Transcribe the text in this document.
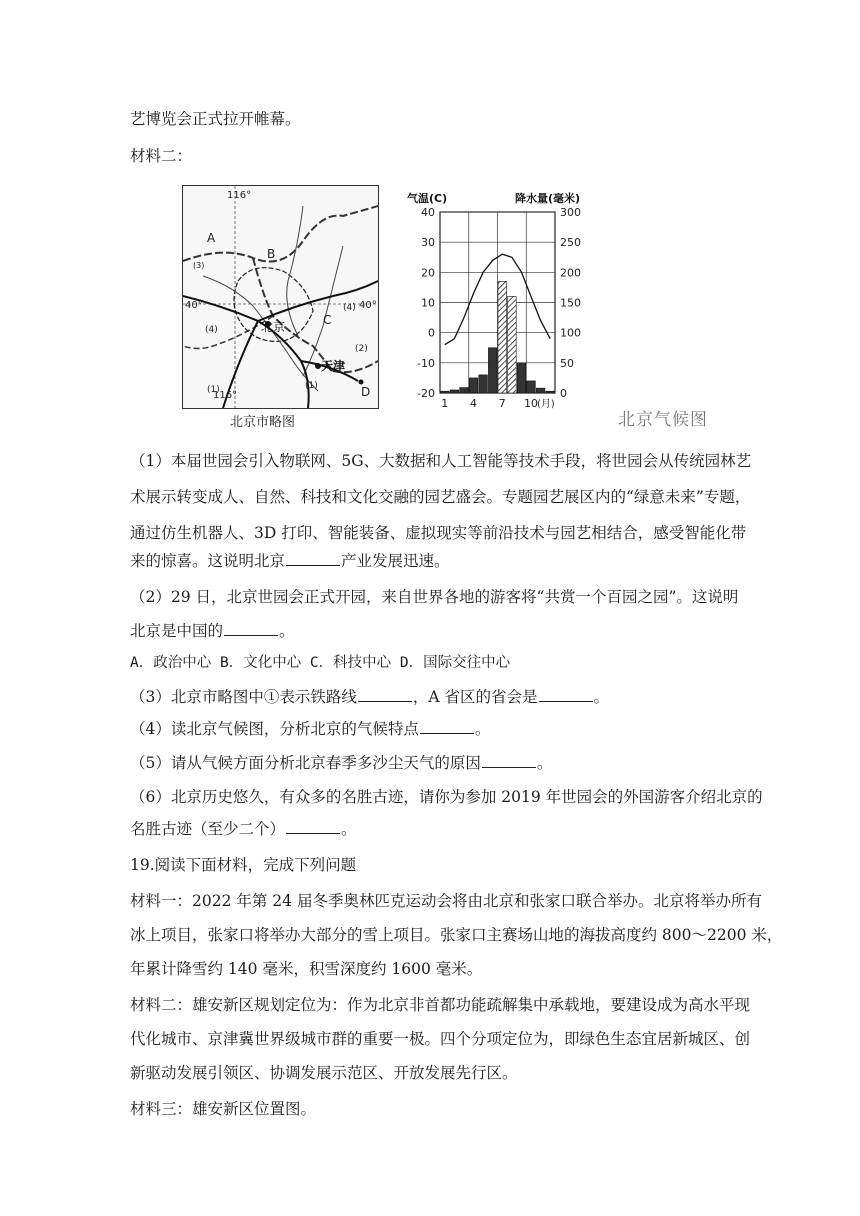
艺博览会正式拉开帷幕。
材料二：
116°
116°
40°	40°
A
B
C
D
北京
天津
(3)
(4)
(4)
(2)
(1)
(1)
北京市略图
-20
-10
0
10
20
30
40
0
50
100
150
200
250
300
1 4 7 10
(月)
气温(C)	降水量(毫米)
北京气候图
（1）本届世园会引入物联网、5G、大数据和人工智能等技术手段，将世园会从传统园林艺
术展示转变成人、自然、科技和文化交融的园艺盛会。专题园艺展区内的“绿意未来”专题，
通过仿生机器人、3D 打印、智能装备、虚拟现实等前沿技术与园艺相结合，感受智能化带
来的惊喜。这说明北京	产业发展迅速。
（2）29 日，北京世园会正式开园，来自世界各地的游客将“共赏一个百园之园”。这说明
北京是中国的	。
A．政治中心 B．文化中心 C．科技中心 D．国际交往中心
（3）北京市略图中①表示铁路线	，A 省区的省会是	。
（4）读北京气候图，分析北京的气候特点	。
（5）请从气候方面分析北京春季多沙尘天气的原因	。
（6）北京历史悠久，有众多的名胜古迹，请你为参加 2019 年世园会的外国游客介绍北京的
名胜古迹（至少二个）	。
19.阅读下面材料，完成下列问题
材料一：2022 年第 24 届冬季奥林匹克运动会将由北京和张家口联合举办。北京将举办所有
冰上项目，张家口将举办大部分的雪上项目。张家口主赛场山地的海拔高度约 800～2200 米，
年累计降雪约 140 毫米，积雪深度约 1600 毫米。
材料二：雄安新区规划定位为：作为北京非首都功能疏解集中承载地，要建设成为高水平现
代化城市、京津冀世界级城市群的重要一极。四个分项定位为，即绿色生态宜居新城区、创
新驱动发展引领区、协调发展示范区、开放发展先行区。
材料三：雄安新区位置图。
